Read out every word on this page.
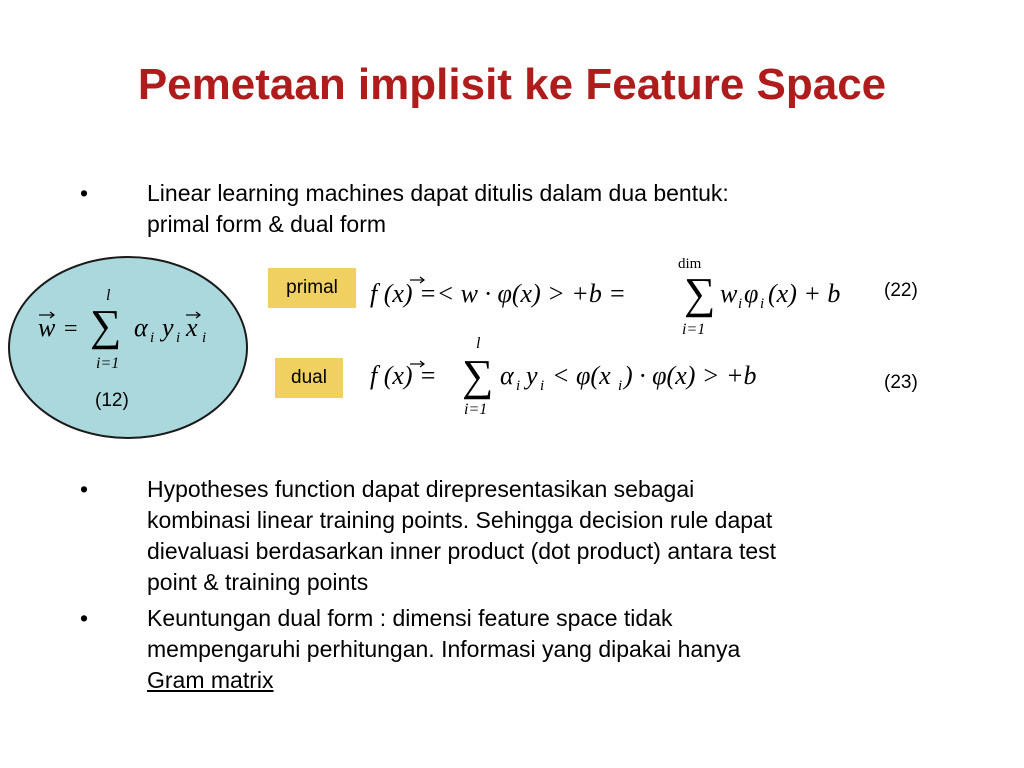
Pemetaan implisit ke Feature Space
•	Linear learning machines dapat ditulis dalam dua bentuk:
primal form & dual form
w = ∑
l
i=1
α i y i x i
(12)
primal	f (x) =< w · φ(x) > +b = ∑
dim
i=1
w i φ i (x) + b (22)
dual	f (x) = ∑
l
i=1
α i y i < φ(x i ) · φ(x) > +b	(23)
•	Hypotheses function dapat direpresentasikan sebagai
kombinasi linear training points. Sehingga decision rule dapat
dievaluasi berdasarkan inner product (dot product) antara test
point & training points
•	Keuntungan dual form : dimensi feature space tidak
mempengaruhi perhitungan. Informasi yang dipakai hanya
Gram matrix
